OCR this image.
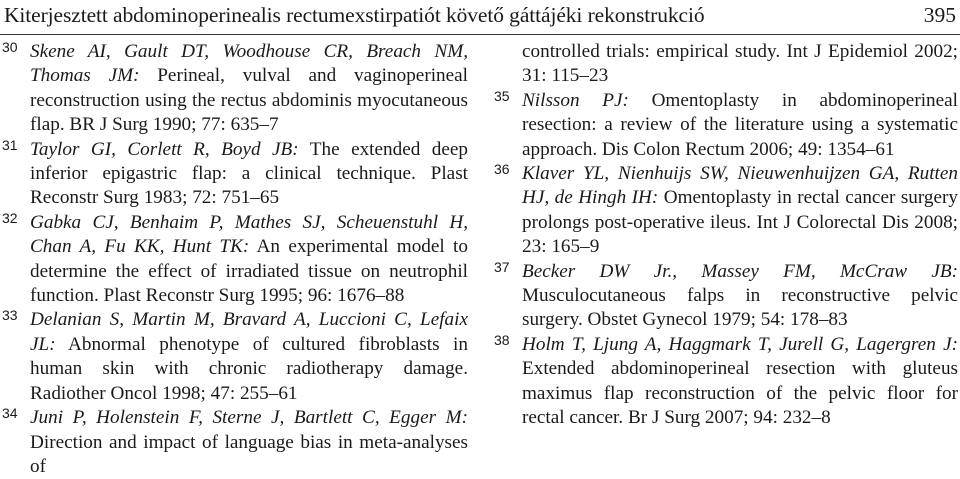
Kiterjesztett abdominoperinealis rectumexstirpatiót követő gáttájéki rekonstrukció	395

30 Skene AI, Gault DT, Woodhouse CR, Breach NM, Thomas JM: Perineal, vulval and vaginoperineal reconstruction using the rectus abdominis myocutaneous flap. BR J Surg 1990; 77: 635–7

31 Taylor GI, Corlett R, Boyd JB: The extended deep inferior epigastric flap: a clinical technique. Plast Reconstr Surg 1983; 72: 751–65

32 Gabka CJ, Benhaim P, Mathes SJ, Scheuenstuhl H, Chan A, Fu KK, Hunt TK: An experimental model to determine the effect of irradiated tissue on neutrophil function. Plast Reconstr Surg 1995; 96: 1676–88

33 Delanian S, Martin M, Bravard A, Luccioni C, Lefaix JL: Abnormal phenotype of cultured fibroblasts in human skin with chronic radiotherapy damage. Radiother Oncol 1998; 47: 255–61

34 Juni P, Holenstein F, Sterne J, Bartlett C, Egger M: Direction and impact of language bias in meta-analyses of

controlled trials: empirical study. Int J Epidemiol 2002; 31: 115–23

35 Nilsson PJ: Omentoplasty in abdominoperineal resection: a review of the literature using a systematic approach. Dis Colon Rectum 2006; 49: 1354–61

36 Klaver YL, Nienhuijs SW, Nieuwenhuijzen GA, Rutten HJ, de Hingh IH: Omentoplasty in rectal cancer surgery prolongs post-operative ileus. Int J Colorectal Dis 2008; 23: 165–9

37 Becker DW Jr., Massey FM, McCraw JB: Musculocutaneous falps in reconstructive pelvic surgery. Obstet Gynecol 1979; 54: 178–83

38 Holm T, Ljung A, Haggmark T, Jurell G, Lagergren J: Extended abdominoperineal resection with gluteus maximus flap reconstruction of the pelvic floor for rectal cancer. Br J Surg 2007; 94: 232–8
